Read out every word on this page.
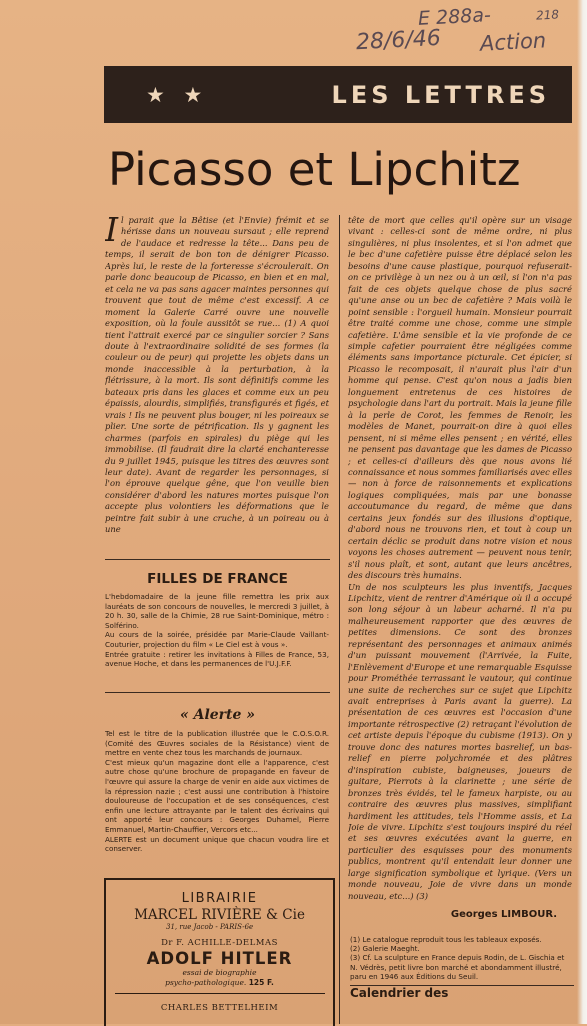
E 288a-	218
28/6/46 Action
★ ★	LES LETTRES
Picasso et Lipchitz
Il parait que la Bêtise (et l'Envie) frémit et se hérisse dans un nouveau sursaut ; elle reprend de l'audace et redresse la tête... Dans peu de temps, il serait de bon ton de dénigrer Picasso. Après lui, le reste de la forteresse s'écroulerait. On parle donc beaucoup de Picasso, en bien et en mal, et cela ne va pas sans agacer maintes personnes qui trouvent que tout de même c'est excessif. A ce moment la Galerie Carré ouvre une nouvelle exposition, où la foule aussitôt se rue... (1) A quoi tient l'attrait exercé par ce singulier sorcier ? Sans doute à l'extraordinaire solidité de ses formes (la couleur ou de peur) qui projette les objets dans un monde inaccessible à la perturbation, à la flétrissure, à la mort. Ils sont définitifs comme les bateaux pris dans les glaces et comme eux un peu épaissis, alourdis, simplifiés, transfigurés et figés, et vrais ! Ils ne peuvent plus bouger, ni les poireaux se plier. Une sorte de pétrification. Ils y gagnent les charmes (parfois en spirales) du piège qui les immobilise. (Il faudrait dire la clarté enchanteresse du 9 juillet 1945, puisque les titres des œuvres sont leur date). Avant de regarder les personnages, si l'on éprouve quelque gêne, que l'on veuille bien considérer d'abord les natures mortes puisque l'on accepte plus volontiers les déformations que le peintre fait subir à une cruche, à un poireau ou à une
tête de mort que celles qu'il opère sur un visage vivant : celles-ci sont de même ordre, ni plus singulières, ni plus insolentes, et si l'on admet que le bec d'une cafetière puisse être déplacé selon les besoins d'une cause plastique, pourquoi refuserait-on ce privilège à un nez ou à un œil, si l'on n'a pas fait de ces objets quelque chose de plus sacré qu'une anse ou un bec de cafetière ? Mais voilà le point sensible : l'orgueil humain. Monsieur pourrait être traité comme une chose, comme une simple cafetière. L'âme sensible et la vie profonde de ce simple cafetier pourraient être négligées comme éléments sans importance picturale. Cet épicier, si Picasso le recomposait, il n'aurait plus l'air d'un homme qui pense. C'est qu'on nous a jadis bien longuement entretenus de ces histoires de psychologie dans l'art du portrait. Mais la jeune fille à la perle de Corot, les femmes de Renoir, les modèles de Manet, pourrait-on dire à quoi elles pensent, ni si même elles pensent ; en vérité, elles ne pensent pas davantage que les dames de Picasso ; et celles-ci d'ailleurs dès que nous avons lié connaissance et nous sommes familiarisés avec elles — non à force de raisonnements et explications logiques compliquées, mais par une bonasse accoutumance du regard, de même que dans certains jeux fondés sur des illusions d'optique, d'abord nous ne trouvons rien, et tout à coup un certain déclic se produit dans notre vision et nous voyons les choses autrement — peuvent nous tenir, s'il nous plaît, et sont, autant que leurs ancêtres, des discours très humains.
Un de nos sculpteurs les plus inventifs, Jacques Lipchitz, vient de rentrer d'Amérique où il a occupé son long séjour à un labeur acharné. Il n'a pu malheureusement rapporter que des œuvres de petites dimensions. Ce sont des bronzes représentant des personnages et animaux animés d'un puissant mouvement (l'Arrivée, la Fuite, l'Enlèvement d'Europe et une remarquable Esquisse pour Prométhée terrassant le vautour, qui continue une suite de recherches sur ce sujet que Lipchitz avait entreprises à Paris avant la guerre). La présentation de ces œuvres est l'occasion d'une importante rétrospective (2) retraçant l'évolution de cet artiste depuis l'époque du cubisme (1913). On y trouve donc des natures mortes basrelief, un bas-relief en pierre polychromée et des plâtres d'inspiration cubiste, baigneuses, joueurs de guitare, Pierrots à la clarinette ; une série de bronzes très évidés, tel le fameux harpiste, ou au contraire des œuvres plus massives, simplifiant hardiment les attitudes, tels l'Homme assis, et La Joie de vivre. Lipchitz s'est toujours inspiré du réel et ses œuvres exécutées avant la guerre, en particulier des esquisses pour des monuments publics, montrent qu'il entendait leur donner une large signification symbolique et lyrique. (Vers un monde nouveau, Joie de vivre dans un monde nouveau, etc...) (3)
Georges LIMBOUR.
FILLES DE FRANCE
L'hebdomadaire de la jeune fille remettra les prix aux lauréats de son concours de nouvelles, le mercredi 3 juillet, à 20 h. 30, salle de la Chimie, 28 rue Saint-Dominique, métro : Solférino.
Au cours de la soirée, présidée par Marie-Claude Vaillant-Couturier, projection du film « Le Ciel est à vous ».
Entrée gratuite : retirer les invitations à Filles de France, 53, avenue Hoche, et dans les permanences de l'U.J.F.F.
« Alerte »
Tel est le titre de la publication illustrée que le C.O.S.O.R. (Comité des Œuvres sociales de la Résistance) vient de mettre en vente chez tous les marchands de journaux.
C'est mieux qu'un magazine dont elle a l'apparence, c'est autre chose qu'une brochure de propagande en faveur de l'œuvre qui assure la charge de venir en aide aux victimes de la répression nazie ; c'est aussi une contribution à l'histoire douloureuse de l'occupation et de ses conséquences, c'est enfin une lecture attrayante par le talent des écrivains qui ont apporté leur concours : Georges Duhamel, Pierre Emmanuel, Martin-Chauffier, Vercors etc...
ALERTE est un document unique que chacun voudra lire et conserver.
LIBRAIRIE
MARCEL RIVIÈRE & Cie
31, rue Jacob - PARIS-6e
Dr F. ACHILLE-DELMAS
ADOLF HITLER
essai de biographie
psycho-pathologique. 125 F.
CHARLES BETTELHEIM
(1) Le catalogue reproduit tous les tableaux exposés.
(2) Galerie Maeght.
(3) Cf. La sculpture en France depuis Rodin, de L. Gischia et N. Védrès, petit livre bon marché et abondamment illustré, paru en 1946 aux Éditions du Seuil.
Calendrier des
